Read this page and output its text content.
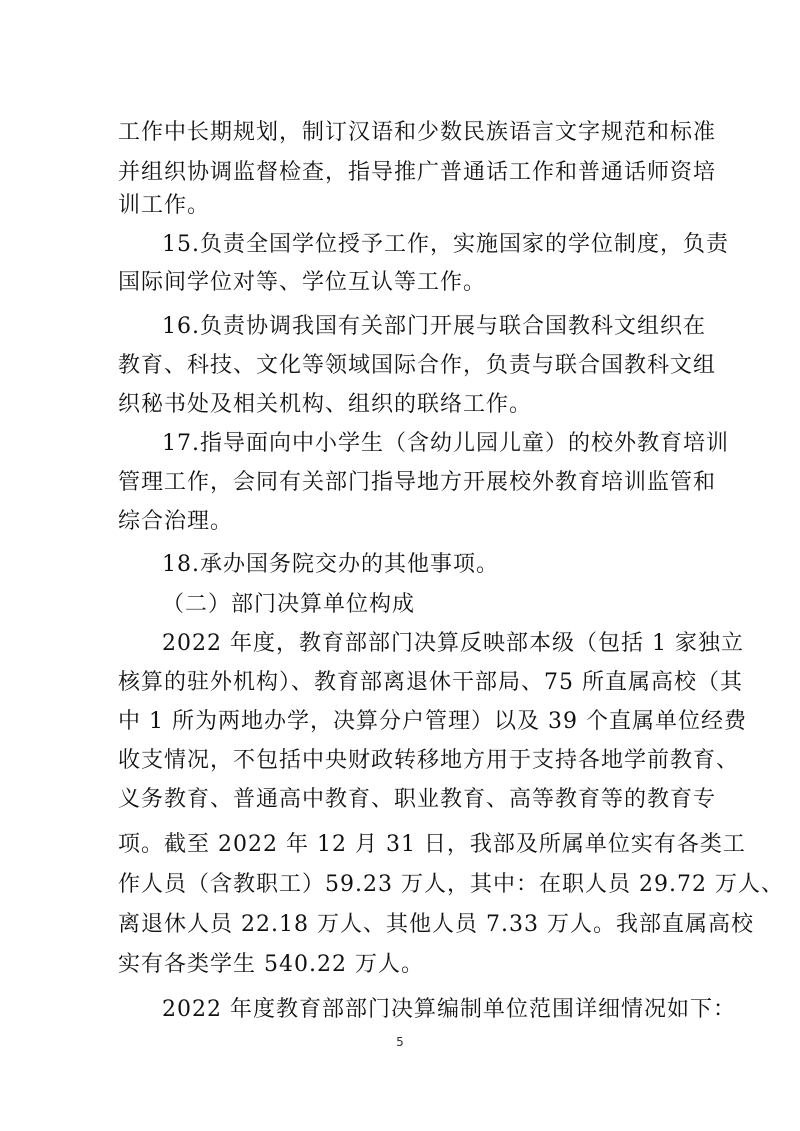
工作中长期规划，制订汉语和少数民族语言文字规范和标准
并组织协调监督检查，指导推广普通话工作和普通话师资培
训工作。
15.负责全国学位授予工作，实施国家的学位制度，负责
国际间学位对等、学位互认等工作。
16.负责协调我国有关部门开展与联合国教科文组织在
教育、科技、文化等领域国际合作，负责与联合国教科文组
织秘书处及相关机构、组织的联络工作。
17.指导面向中小学生（含幼儿园儿童）的校外教育培训
管理工作，会同有关部门指导地方开展校外教育培训监管和
综合治理。
18.承办国务院交办的其他事项。
（二）部门决算单位构成
2022 年度，教育部部门决算反映部本级（包括 1 家独立
核算的驻外机构）、教育部离退休干部局、75 所直属高校（其
中 1 所为两地办学，决算分户管理）以及 39 个直属单位经费
收支情况，不包括中央财政转移地方用于支持各地学前教育、
义务教育、普通高中教育、职业教育、高等教育等的教育专
项。截至 2022 年 12 月 31 日，我部及所属单位实有各类工
作人员（含教职工）59.23 万人，其中：在职人员 29.72 万人、
离退休人员 22.18 万人、其他人员 7.33 万人。我部直属高校
实有各类学生 540.22 万人。
2022 年度教育部部门决算编制单位范围详细情况如下：
5
